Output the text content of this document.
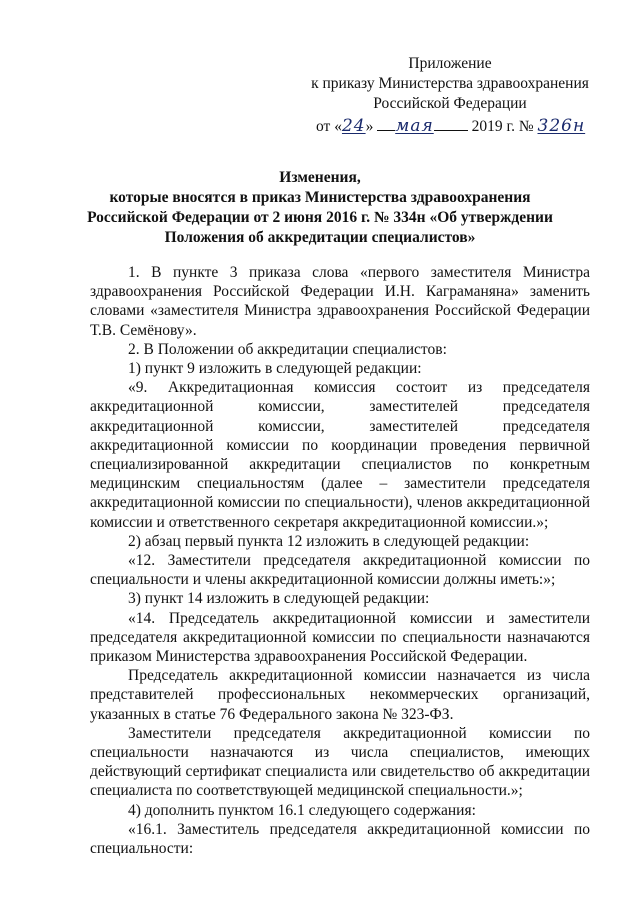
Приложение
к приказу Министерства здравоохранения
Российской Федерации
от «24» мая 2019 г. № 326н
Изменения,
которые вносятся в приказ Министерства здравоохранения
Российской Федерации от 2 июня 2016 г. № 334н «Об утверждении
Положения об аккредитации специалистов»

1. В пункте 3 приказа слова «первого заместителя Министра здравоохранения Российской Федерации И.Н. Каграманяна» заменить словами «заместителя Министра здравоохранения Российской Федерации Т.В. Семёнову».

2. В Положении об аккредитации специалистов:

1) пункт 9 изложить в следующей редакции:

«9. Аккредитационная комиссия состоит из председателя аккредитационной комиссии, заместителей председателя аккредитационной комиссии, заместителей председателя аккредитационной комиссии по координации проведения первичной специализированной аккредитации специалистов по конкретным медицинским специальностям (далее – заместители председателя аккредитационной комиссии по специальности), членов аккредитационной комиссии и ответственного секретаря аккредитационной комиссии.»;

2) абзац первый пункта 12 изложить в следующей редакции:

«12. Заместители председателя аккредитационной комиссии по специальности и члены аккредитационной комиссии должны иметь:»;

3) пункт 14 изложить в следующей редакции:

«14. Председатель аккредитационной комиссии и заместители председателя аккредитационной комиссии по специальности назначаются приказом Министерства здравоохранения Российской Федерации.

Председатель аккредитационной комиссии назначается из числа представителей профессиональных некоммерческих организаций, указанных в статье 76 Федерального закона № 323-ФЗ.

Заместители председателя аккредитационной комиссии по специальности назначаются из числа специалистов, имеющих действующий сертификат специалиста или свидетельство об аккредитации специалиста по соответствующей медицинской специальности.»;

4) дополнить пунктом 16.1 следующего содержания:

«16.1. Заместитель председателя аккредитационной комиссии по специальности:
